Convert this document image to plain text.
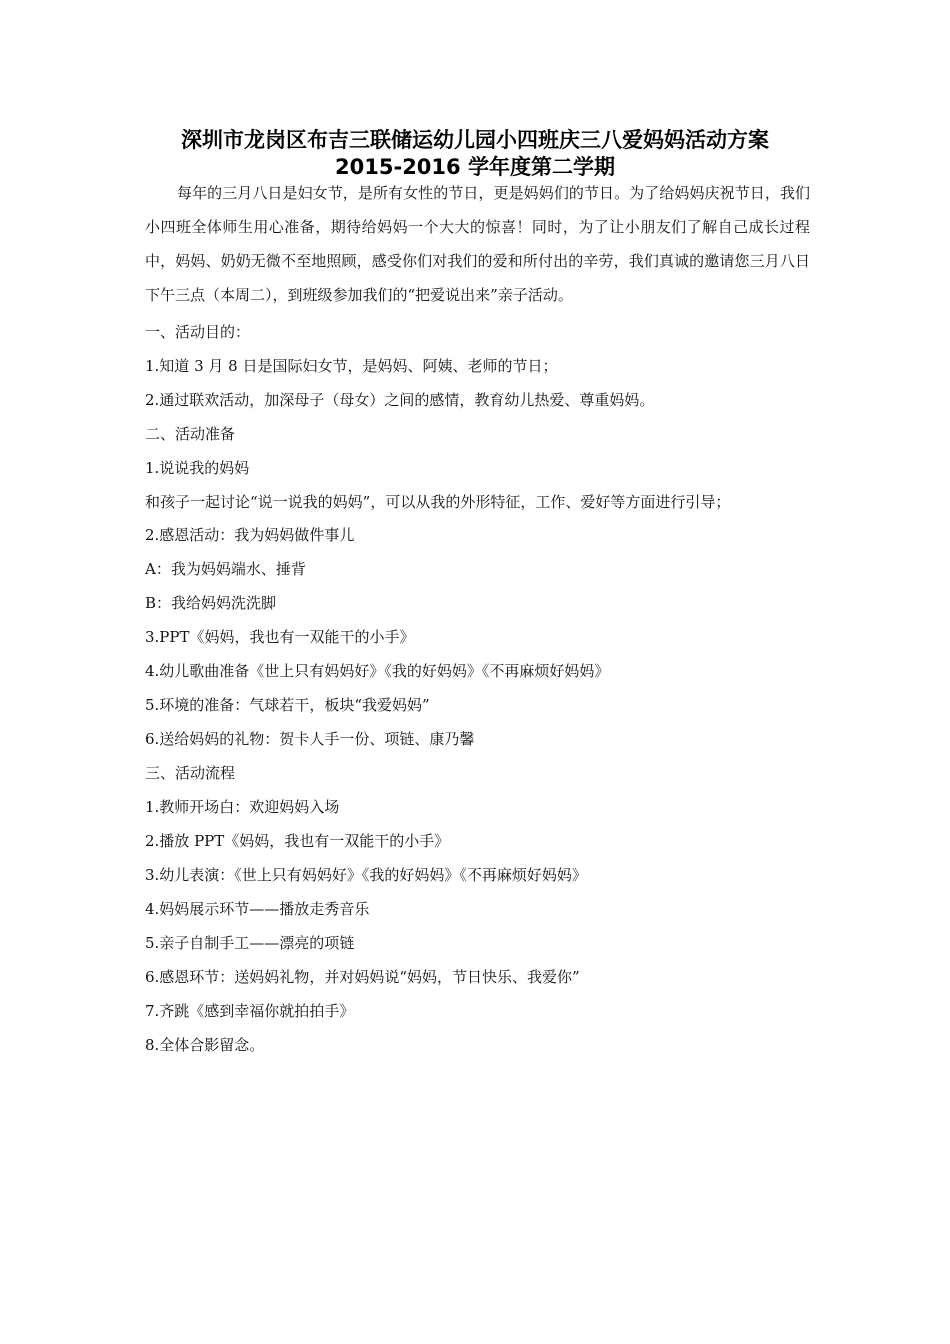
深圳市龙岗区布吉三联储运幼儿园小四班庆三八爱妈妈活动方案
2015-2016 学年度第二学期
每年的三月八日是妇女节，是所有女性的节日，更是妈妈们的节日。为了给妈妈庆祝节日，我们小四班全体师生用心准备，期待给妈妈一个大大的惊喜！同时，为了让小朋友们了解自己成长过程中，妈妈、奶奶无微不至地照顾，感受你们对我们的爱和所付出的辛劳，我们真诚的邀请您三月八日下午三点（本周二），到班级参加我们的“把爱说出来”亲子活动。
一、活动目的：
1.知道 3 月 8 日是国际妇女节，是妈妈、阿姨、老师的节日；
2.通过联欢活动，加深母子（母女）之间的感情，教育幼儿热爱、尊重妈妈。
二、活动准备
1.说说我的妈妈
和孩子一起讨论“说一说我的妈妈”，可以从我的外形特征，工作、爱好等方面进行引导；
2.感恩活动：我为妈妈做件事儿
A：我为妈妈端水、捶背
B：我给妈妈洗洗脚
3.PPT《妈妈，我也有一双能干的小手》
4.幼儿歌曲准备《世上只有妈妈好》《我的好妈妈》《不再麻烦好妈妈》
5.环境的准备：气球若干，板块“我爱妈妈”
6.送给妈妈的礼物：贺卡人手一份、项链、康乃馨
三、活动流程
1.教师开场白：欢迎妈妈入场
2.播放 PPT《妈妈，我也有一双能干的小手》
3.幼儿表演：《世上只有妈妈好》《我的好妈妈》《不再麻烦好妈妈》
4.妈妈展示环节——播放走秀音乐
5.亲子自制手工——漂亮的项链
6.感恩环节：送妈妈礼物，并对妈妈说“妈妈，节日快乐、我爱你”
7.齐跳《感到幸福你就拍拍手》
8.全体合影留念。
